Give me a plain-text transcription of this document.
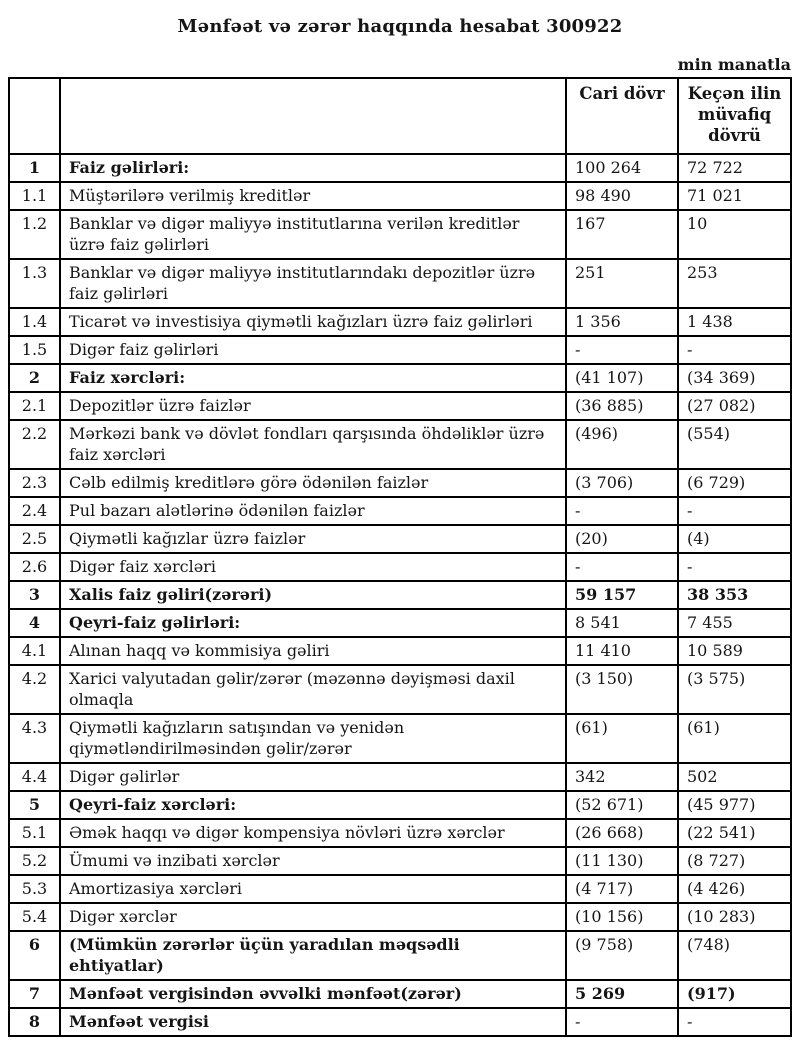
Mənfəət və zərər haqqında hesabat 300922
min manatla
		Cari dövr	Keçən ilin müvafiq dövrü
1	Faiz gəlirləri:	100 264	72 722
1.1	Müştərilərə verilmiş kreditlər	98 490	71 021
1.2	Banklar və digər maliyyə institutlarına verilən kreditlər üzrə faiz gəlirləri	167	10
1.3	Banklar və digər maliyyə institutlarındakı depozitlər üzrə faiz gəlirləri	251	253
1.4	Ticarət və investisiya qiymətli kağızları üzrə faiz gəlirləri	1 356	1 438
1.5	Digər faiz gəlirləri	-	-
2	Faiz xərcləri:	(41 107)	(34 369)
2.1	Depozitlər üzrə faizlər	(36 885)	(27 082)
2.2	Mərkəzi bank və dövlət fondları qarşısında öhdəliklər üzrə faiz xərcləri	(496)	(554)
2.3	Cəlb edilmiş kreditlərə görə ödənilən faizlər	(3 706)	(6 729)
2.4	Pul bazarı alətlərinə ödənilən faizlər	-	-
2.5	Qiymətli kağızlar üzrə faizlər	(20)	(4)
2.6	Digər faiz xərcləri	-	-
3	Xalis faiz gəliri(zərəri)	59 157	38 353
4	Qeyri-faiz gəlirləri:	8 541	7 455
4.1	Alınan haqq və kommisiya gəliri	11 410	10 589
4.2	Xarici valyutadan gəlir/zərər (məzənnə dəyişməsi daxil olmaqla	(3 150)	(3 575)
4.3	Qiymətli kağızların satışından və yenidən qiymətləndirilməsindən gəlir/zərər	(61)	(61)
4.4	Digər gəlirlər	342	502
5	Qeyri-faiz xərcləri:	(52 671)	(45 977)
5.1	Əmək haqqı və digər kompensiya növləri üzrə xərclər	(26 668)	(22 541)
5.2	Ümumi və inzibati xərclər	(11 130)	(8 727)
5.3	Amortizasiya xərcləri	(4 717)	(4 426)
5.4	Digər xərclər	(10 156)	(10 283)
6	(Mümkün zərərlər üçün yaradılan məqsədli ehtiyatlar)	(9 758)	(748)
7	Mənfəət vergisindən əvvəlki mənfəət(zərər)	5 269	(917)
8	Mənfəət vergisi	-	-
